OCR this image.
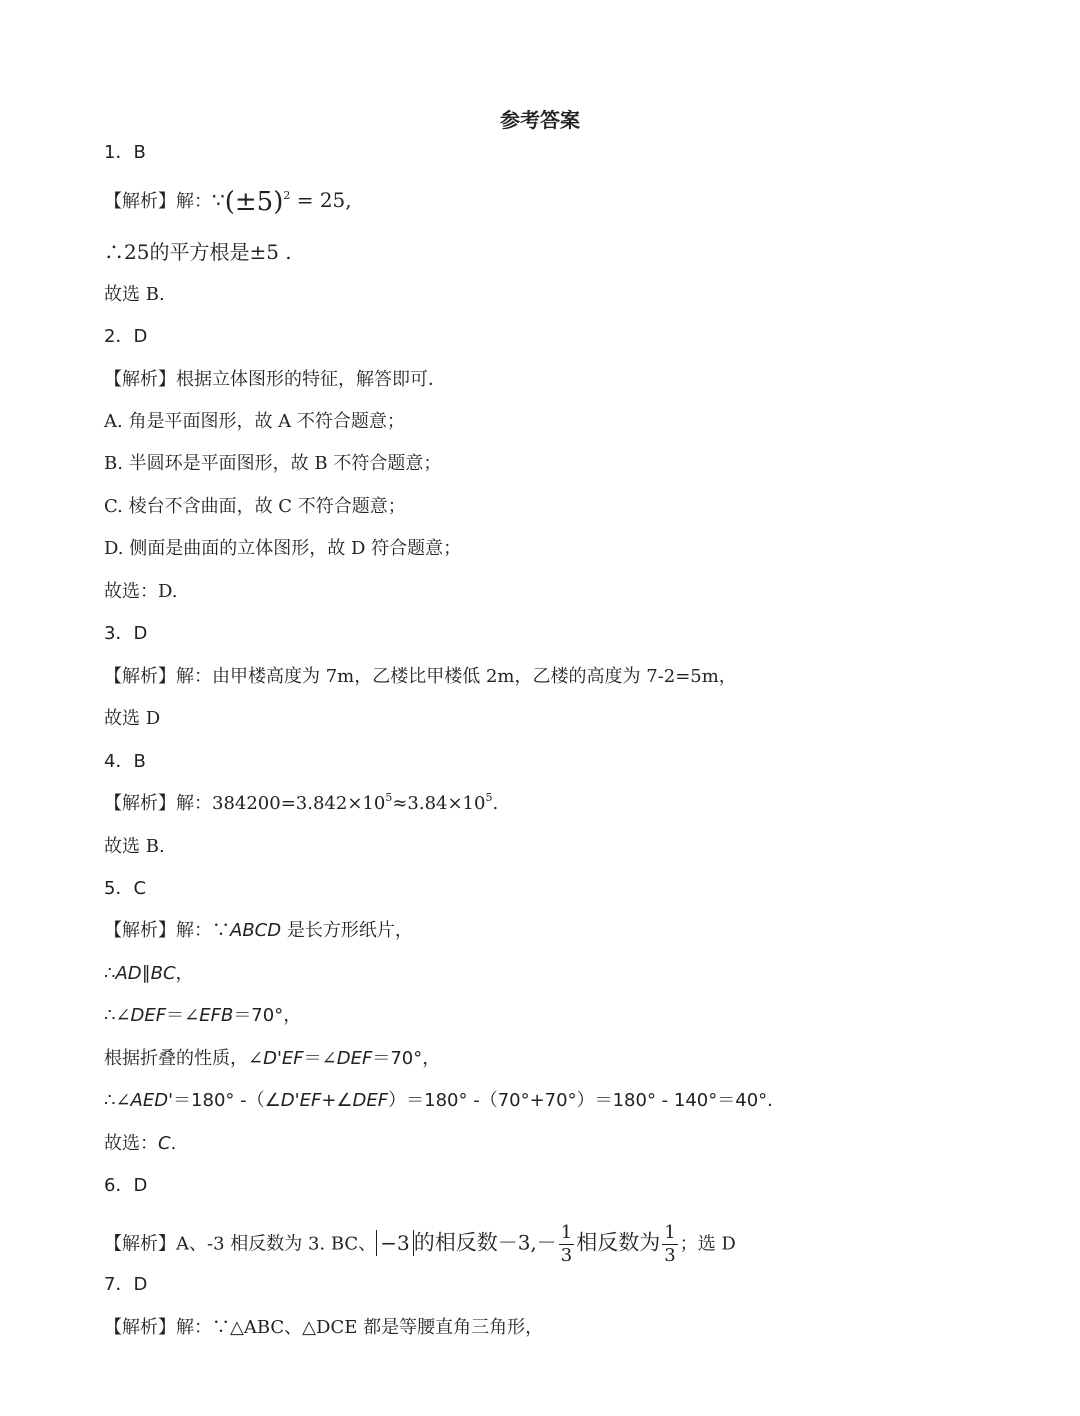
参考答案
1．B
【解析】解：$\because(\pm 5)^2 = 25$,
∴25的平方根是±5 .
故选 B.
2．D
【解析】根据立体图形的特征，解答即可．
A. 角是平面图形，故 A 不符合题意；
B. 半圆环是平面图形，故 B 不符合题意；
C. 棱台不含曲面，故 C 不符合题意；
D. 侧面是曲面的立体图形，故 D 符合题意；
故选：D.
3．D
【解析】解：由甲楼高度为 7m，乙楼比甲楼低 2m，乙楼的高度为 7-2=5m，
故选 D
4．B
【解析】解：$384200=3.842\times 10^5\approx 3.84\times 10^5$.
故选 B.
5．C
【解析】解：∵ABCD 是长方形纸片，
∴AD∥BC，
∴∠DEF＝∠EFB＝70°，
根据折叠的性质，∠D'EF＝∠DEF＝70°，
∴∠AED'＝180° -（∠D'EF+∠DEF）＝180° -（70°+70°）＝180° - 140°＝40°.
故选：C.
6．D
【解析】A、-3 相反数为 3. BC、 −3 的相反数$-3,- \frac{1}{3}$ 相反数为 $\frac{1}{3}$ ；选 D
7．D
【解析】解：∵△ABC、△DCE 都是等腰直角三角形，
